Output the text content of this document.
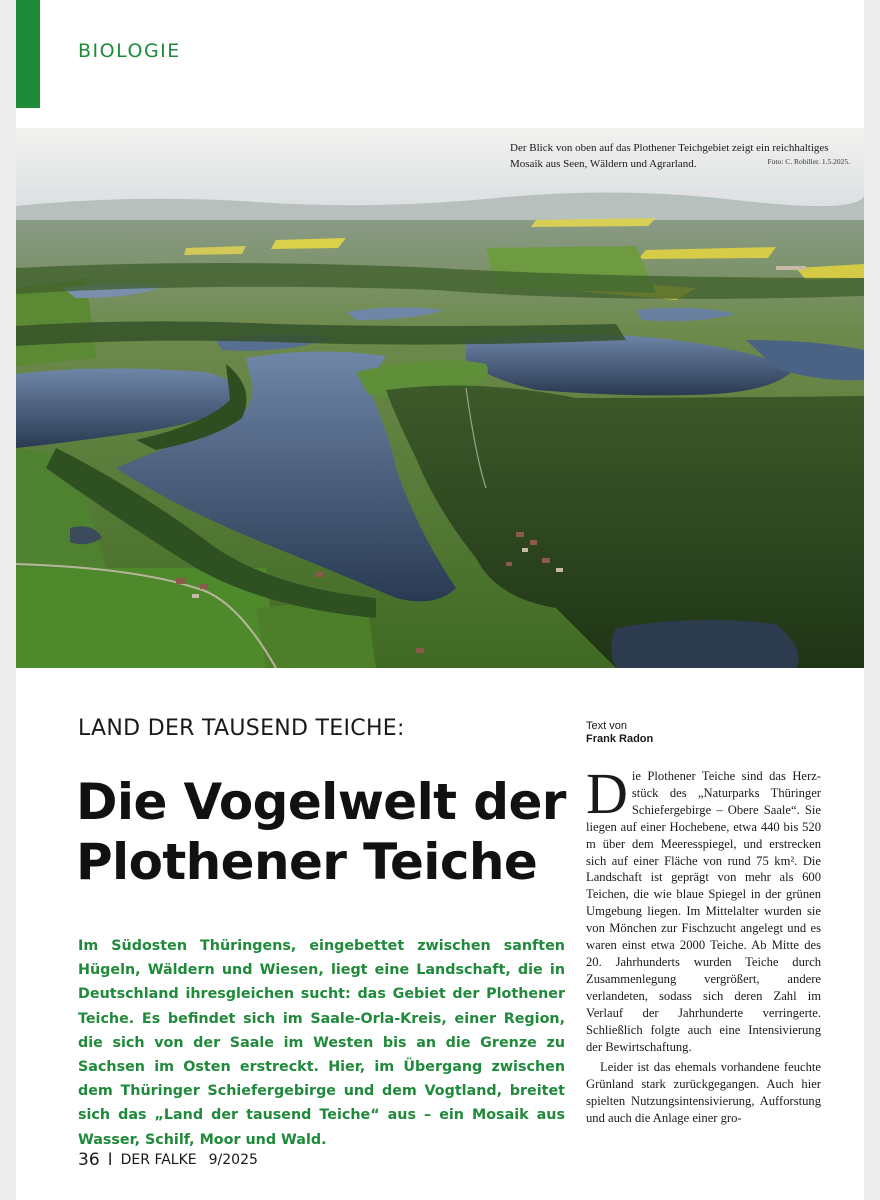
BIOLOGIE
Der Blick von oben auf das Plothener Teichgebiet zeigt ein reichhaltiges Mosaik aus Seen, Wäldern und Agrarland.	Foto: C. Robiller. 1.5.2025.
LAND DER TAUSEND TEICHE:
Die Vogelwelt der Plothener Teiche

Im Südosten Thüringens, eingebettet zwischen sanften Hügeln, Wäldern und Wiesen, liegt eine Landschaft, die in Deutschland ihresgleichen sucht: das Gebiet der Plothener Teiche. Es befindet sich im Saale-Orla-Kreis, einer Region, die sich von der Saale im Westen bis an die Grenze zu Sachsen im Osten erstreckt. Hier, im Übergang zwischen dem Thüringer Schiefergebirge und dem Vogtland, breitet sich das „Land der tausend Teiche“ aus – ein Mosaik aus Wasser, Schilf, Moor und Wald.

Text von
Frank Radon

Die Plothener Teiche sind das Herzstück des „Naturparks Thüringer Schiefergebirge – Obere Saale“. Sie liegen auf einer Hochebene, etwa 440 bis 520 m über dem Meeresspiegel, und erstrecken sich auf einer Fläche von rund 75 km². Die Landschaft ist geprägt von mehr als 600 Teichen, die wie blaue Spiegel in der grünen Umgebung liegen. Im Mittelalter wurden sie von Mönchen zur Fischzucht angelegt und es waren einst etwa 2000 Teiche. Ab Mitte des 20. Jahrhunderts wurden Teiche durch Zusammenlegung vergrößert, andere verlandeten, sodass sich deren Zahl im Verlauf der Jahrhunderte verringerte. Schließlich folgte auch eine Intensivierung der Bewirtschaftung.

Leider ist das ehemals vorhandene feuchte Grünland stark zurückgegangen. Auch hier spielten Nutzungsintensivierung, Aufforstung und auch die Anlage einer gro-

36 I DER FALKE 9/2025
